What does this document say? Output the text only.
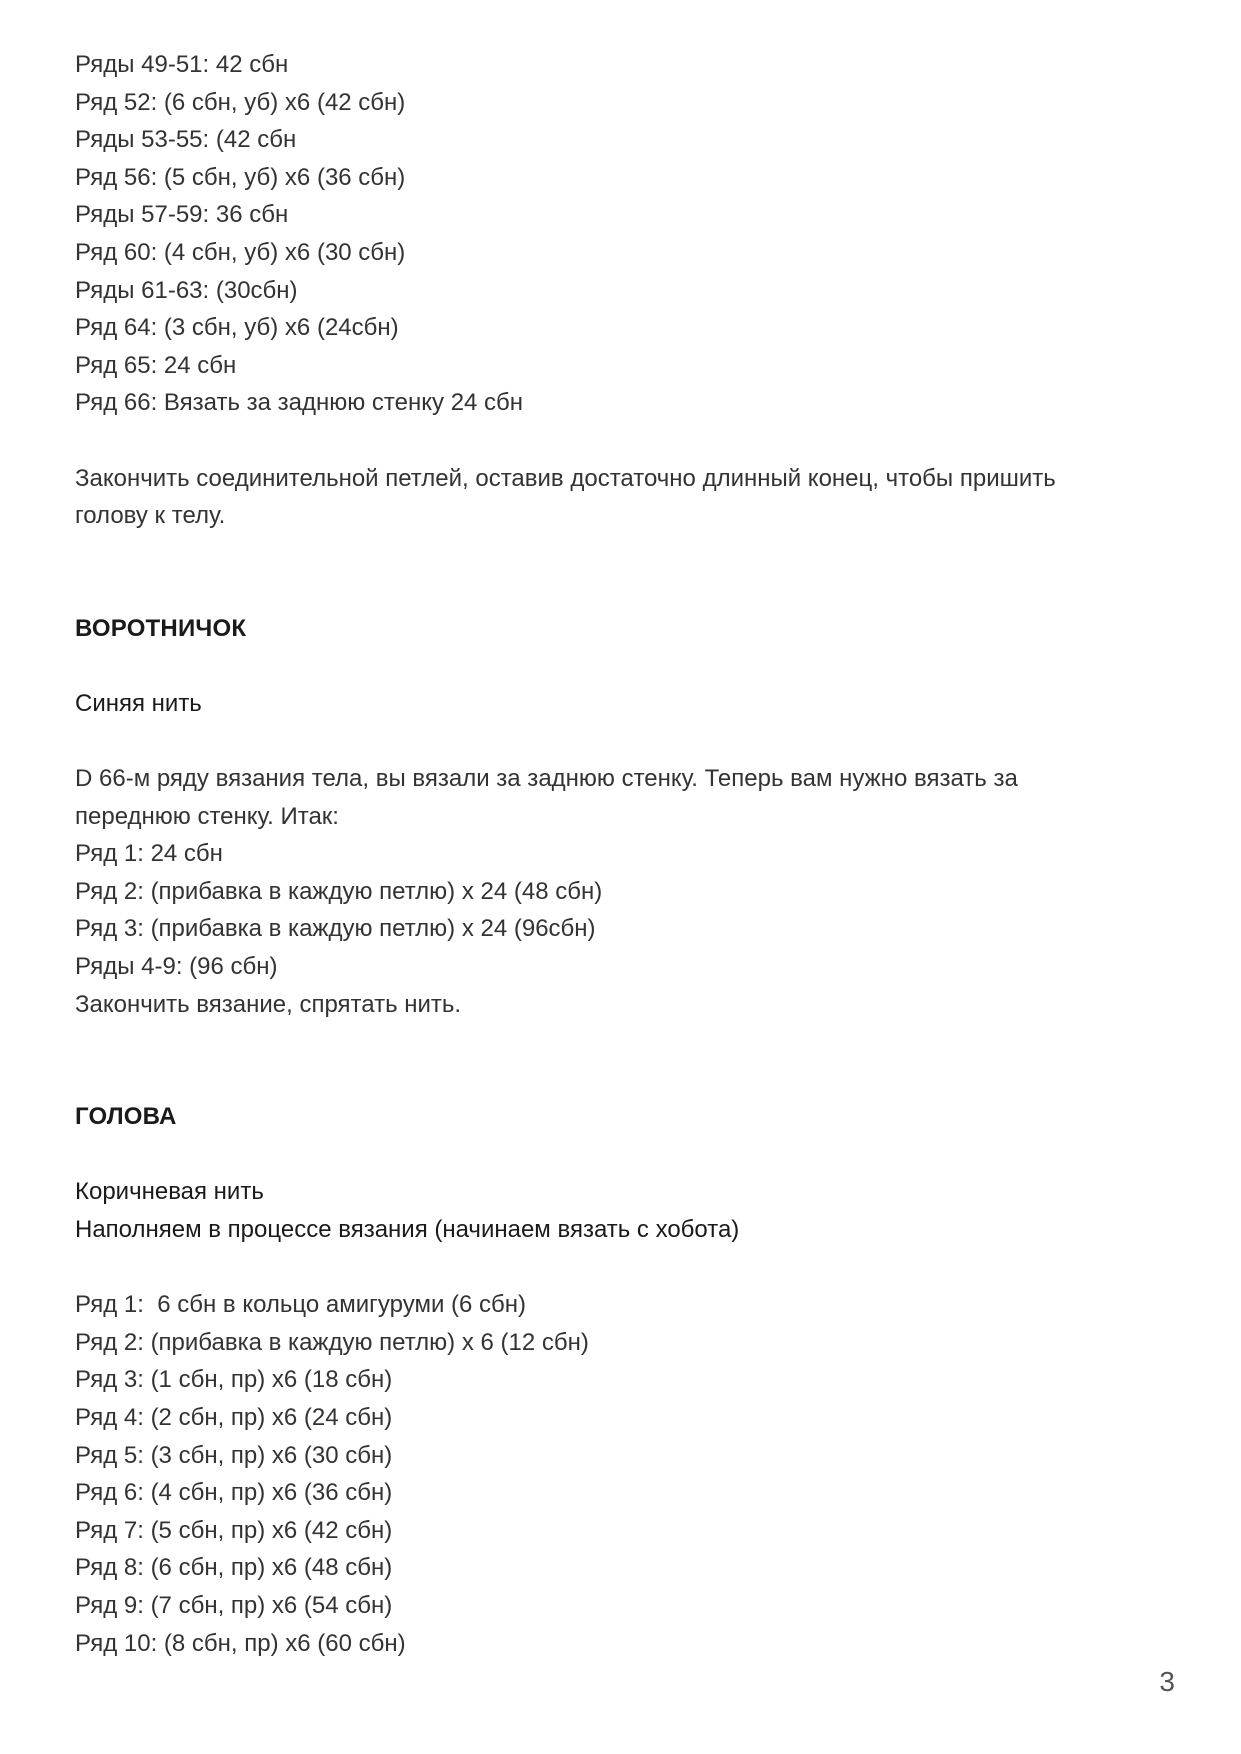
Ряды 49-51: 42 сбн
Ряд 52: (6 сбн, уб) х6 (42 сбн)
Ряды 53-55: (42 сбн
Ряд 56: (5 сбн, уб) х6 (36 сбн)
Ряды 57-59: 36 сбн
Ряд 60: (4 сбн, уб) х6 (30 сбн)
Ряды 61-63: (30сбн)
Ряд 64: (3 сбн, уб) х6 (24сбн)
Ряд 65: 24 сбн
Ряд 66: Вязать за заднюю стенку 24 сбн
Закончить соединительной петлей, оставив достаточно длинный конец, чтобы пришить
голову к телу.
ВОРОТНИЧОК
Синяя нить
D 66-м ряду вязания тела, вы вязали за заднюю стенку. Теперь вам нужно вязать за
переднюю стенку. Итак:
Ряд 1: 24 сбн
Ряд 2: (прибавка в каждую петлю) х 24 (48 сбн)
Ряд 3: (прибавка в каждую петлю) х 24 (96сбн)
Ряды 4-9: (96 сбн)
Закончить вязание, спрятать нить.
ГОЛОВА
Коричневая нить
Наполняем в процессе вязания (начинаем вязать с хобота)
Ряд 1:  6 сбн в кольцо амигуруми (6 сбн)
Ряд 2: (прибавка в каждую петлю) х 6 (12 сбн)
Ряд 3: (1 сбн, пр) х6 (18 сбн)
Ряд 4: (2 сбн, пр) х6 (24 сбн)
Ряд 5: (3 сбн, пр) х6 (30 сбн)
Ряд 6: (4 сбн, пр) х6 (36 сбн)
Ряд 7: (5 сбн, пр) х6 (42 сбн)
Ряд 8: (6 сбн, пр) х6 (48 сбн)
Ряд 9: (7 сбн, пр) х6 (54 сбн)
Ряд 10: (8 сбн, пр) х6 (60 сбн)
3
